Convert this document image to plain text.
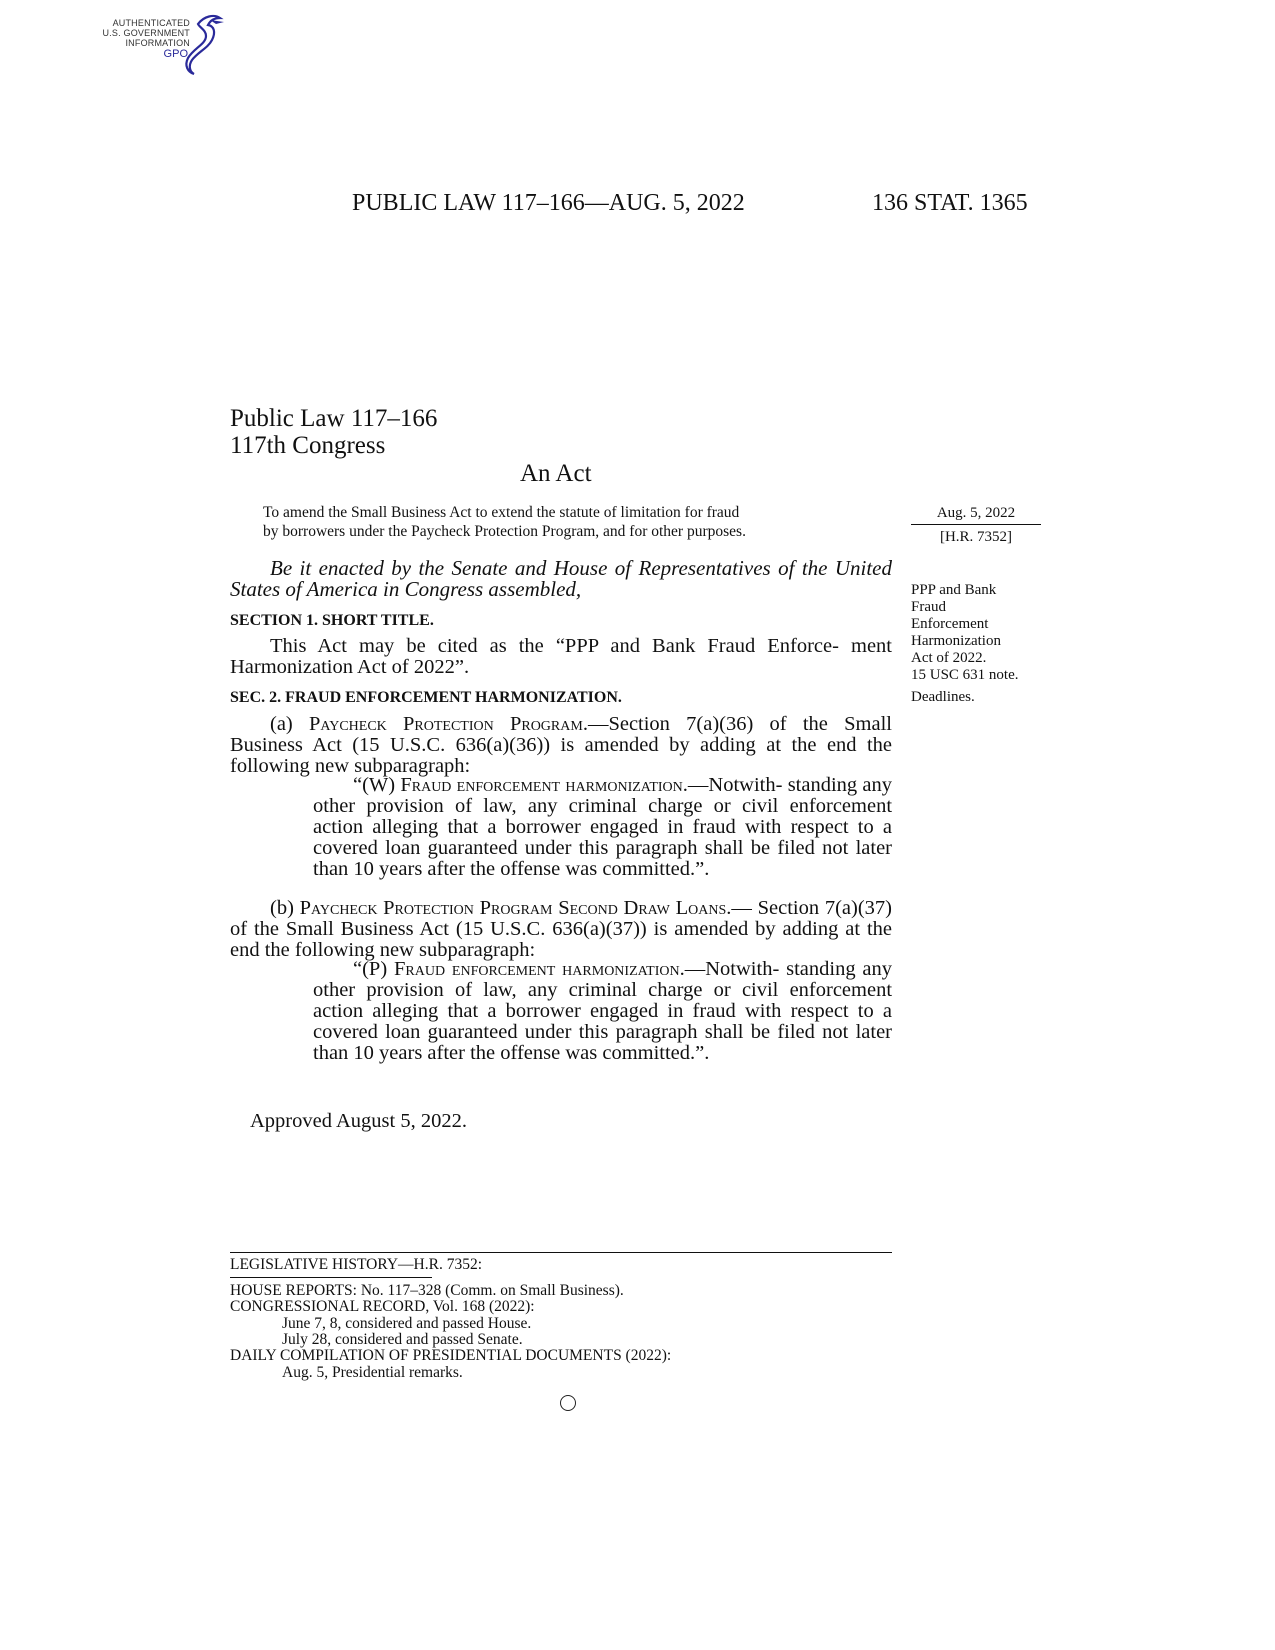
AUTHENTICATED
U.S. GOVERNMENT
INFORMATION
GPO
PUBLIC LAW 117–166—AUG. 5, 2022	136 STAT. 1365
Public Law 117–166
117th Congress
An Act
To amend the Small Business Act to extend the statute of limitation for fraud
by borrowers under the Paycheck Protection Program, and for other purposes.
Aug. 5, 2022
[H.R. 7352]
PPP and Bank
Fraud
Enforcement
Harmonization
Act of 2022.
15 USC 631 note.
Deadlines.
Be it enacted by the Senate and House of Representatives of the United States of America in Congress assembled,
SECTION 1. SHORT TITLE.
This Act may be cited as the “PPP and Bank Fraud Enforce- ment Harmonization Act of 2022”.
SEC. 2. FRAUD ENFORCEMENT HARMONIZATION.
(a) Paycheck Protection Program.—Section 7(a)(36) of the Small Business Act (15 U.S.C. 636(a)(36)) is amended by adding at the end the following new subparagraph:
“(W) Fraud enforcement harmonization.—Notwith- standing any other provision of law, any criminal charge or civil enforcement action alleging that a borrower engaged in fraud with respect to a covered loan guaranteed under this paragraph shall be filed not later than 10 years after the offense was committed.”.
(b) Paycheck Protection Program Second Draw Loans.— Section 7(a)(37) of the Small Business Act (15 U.S.C. 636(a)(37)) is amended by adding at the end the following new subparagraph:
“(P) Fraud enforcement harmonization.—Notwith- standing any other provision of law, any criminal charge or civil enforcement action alleging that a borrower engaged in fraud with respect to a covered loan guaranteed under this paragraph shall be filed not later than 10 years after the offense was committed.”.
Approved August 5, 2022.
LEGISLATIVE HISTORY—H.R. 7352:
HOUSE REPORTS: No. 117–328 (Comm. on Small Business).
CONGRESSIONAL RECORD, Vol. 168 (2022):
June 7, 8, considered and passed House.
July 28, considered and passed Senate.
DAILY COMPILATION OF PRESIDENTIAL DOCUMENTS (2022):
Aug. 5, Presidential remarks.
